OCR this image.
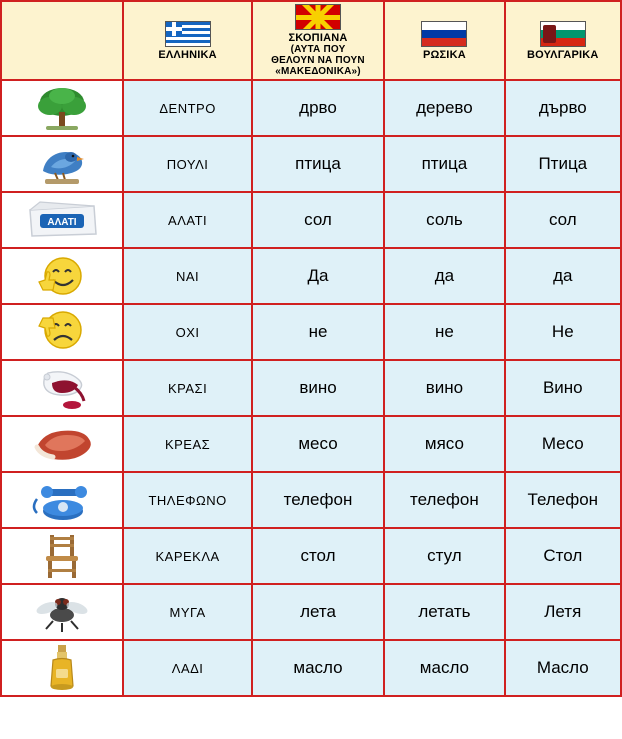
	ΕΛΛΗΝΙΚΑ	ΣΚΟΠΙΑΝΑ
(ΑΥΤΑ ΠΟΥ
ΘΕΛΟΥΝ ΝΑ ΠΟΥΝ
«ΜΑΚΕΔΟΝΙΚΑ»)	ΡΩΣΙΚΑ	ΒΟΥΛΓΑΡΙΚΑ

	ΔΕΝΤΡΟ	дрво	дерево	дърво

	ΠΟΥΛΙ	птица	птица	Птица

ΑΛΑΤΙ	ΑΛΑΤΙ	сол	соль	сол

	ΝΑΙ	Да	да	да

	ΟΧΙ	не	не	Не

	ΚΡΑΣΙ	вино	вино	Вино

	ΚΡΕΑΣ	месо	мясо	Месо

	ΤΗΛΕΦΩΝΟ	телефон	телефон	Телефон

	ΚΑΡΕΚΛΑ	стол	стул	Стол

	ΜΥΓΑ	лета	летать	Летя

	ΛΑΔΙ	масло	масло	Масло
